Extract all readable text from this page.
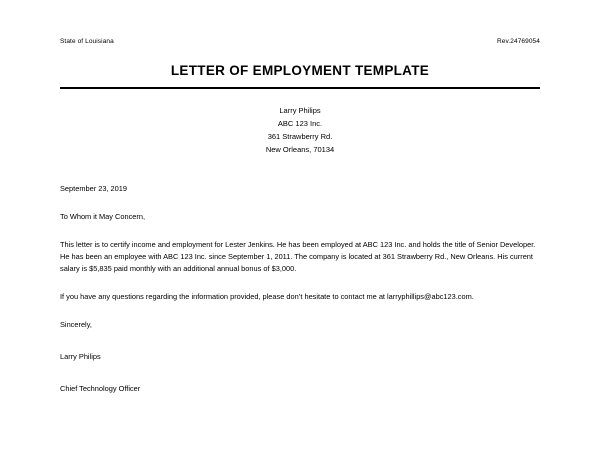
State of Louisiana	Rev.24769054
LETTER OF EMPLOYMENT TEMPLATE
Larry Philips
ABC 123 Inc.
361 Strawberry Rd.
New Orleans, 70134

September 23, 2019

To Whom it May Concern,

This letter is to certify income and employment for Lester Jenkins. He has been employed at ABC 123 Inc. and holds the title of Senior Developer. He has been an employee with ABC 123 Inc. since September 1, 2011. The company is located at 361 Strawberry Rd., New Orleans. His current salary is $5,835 paid monthly with an additional annual bonus of $3,000.

If you have any questions regarding the information provided, please don’t hesitate to contact me at larryphillips@abc123.com.

Sincerely,

Larry Philips

Chief Technology Officer
